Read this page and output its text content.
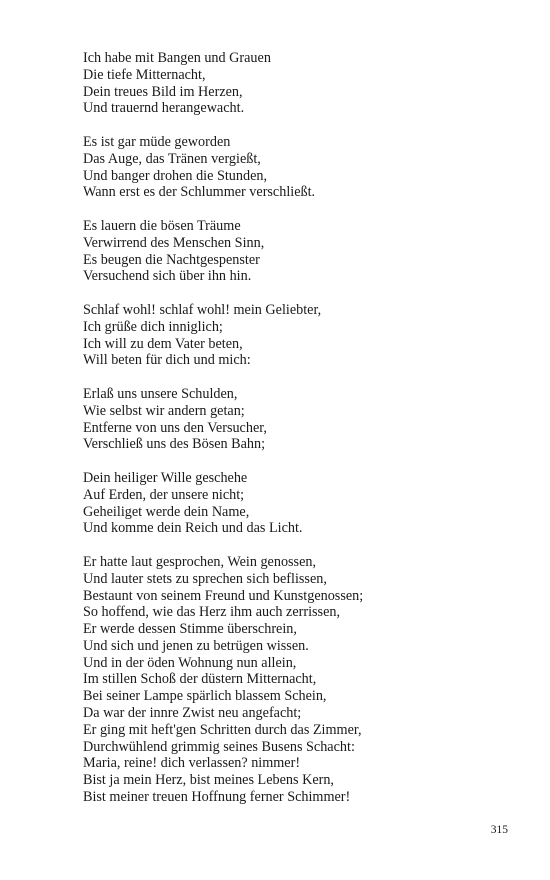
Ich habe mit Bangen und Grauen
Die tiefe Mitternacht,
Dein treues Bild im Herzen,
Und trauernd herangewacht.
Es ist gar müde geworden
Das Auge, das Tränen vergießt,
Und banger drohen die Stunden,
Wann erst es der Schlummer verschließt.
Es lauern die bösen Träume
Verwirrend des Menschen Sinn,
Es beugen die Nachtgespenster
Versuchend sich über ihn hin.
Schlaf wohl! schlaf wohl! mein Geliebter,
Ich grüße dich inniglich;
Ich will zu dem Vater beten,
Will beten für dich und mich:
Erlaß uns unsere Schulden,
Wie selbst wir andern getan;
Entferne von uns den Versucher,
Verschließ uns des Bösen Bahn;
Dein heiliger Wille geschehe
Auf Erden, der unsere nicht;
Geheiliget werde dein Name,
Und komme dein Reich und das Licht.
Er hatte laut gesprochen, Wein genossen,
Und lauter stets zu sprechen sich beflissen,
Bestaunt von seinem Freund und Kunstgenossen;
So hoffend, wie das Herz ihm auch zerrissen,
Er werde dessen Stimme überschrein,
Und sich und jenen zu betrügen wissen.
Und in der öden Wohnung nun allein,
Im stillen Schoß der düstern Mitternacht,
Bei seiner Lampe spärlich blassem Schein,
Da war der innre Zwist neu angefacht;
Er ging mit heft'gen Schritten durch das Zimmer,
Durchwühlend grimmig seines Busens Schacht:
Maria, reine! dich verlassen? nimmer!
Bist ja mein Herz, bist meines Lebens Kern,
Bist meiner treuen Hoffnung ferner Schimmer!
315
